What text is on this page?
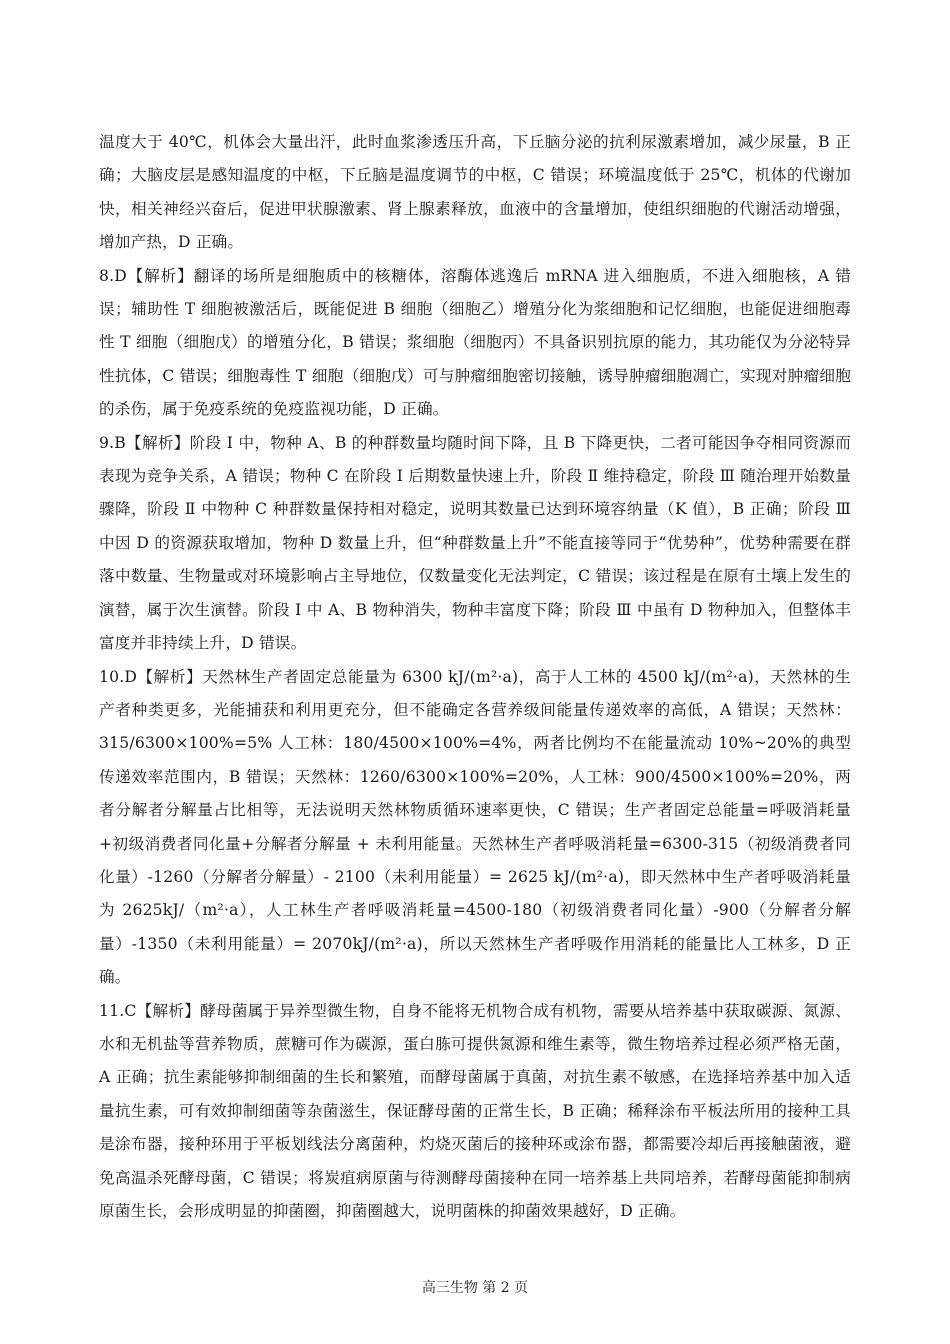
温度大于 40℃，机体会大量出汗，此时血浆渗透压升高，下丘脑分泌的抗利尿激素增加，减少尿量，B 正确；大脑皮层是感知温度的中枢，下丘脑是温度调节的中枢，C 错误；环境温度低于 25℃，机体的代谢加快，相关神经兴奋后，促进甲状腺激素、肾上腺素释放，血液中的含量增加，使组织细胞的代谢活动增强，增加产热，D 正确。

8.D【解析】翻译的场所是细胞质中的核糖体，溶酶体逃逸后 mRNA 进入细胞质，不进入细胞核，A 错误；辅助性 T 细胞被激活后，既能促进 B 细胞（细胞乙）增殖分化为浆细胞和记忆细胞，也能促进细胞毒性 T 细胞（细胞戊）的增殖分化，B 错误；浆细胞（细胞丙）不具备识别抗原的能力，其功能仅为分泌特异性抗体，C 错误；细胞毒性 T 细胞（细胞戊）可与肿瘤细胞密切接触，诱导肿瘤细胞凋亡，实现对肿瘤细胞的杀伤，属于免疫系统的免疫监视功能，D 正确。

9.B【解析】阶段 Ⅰ 中，物种 A、B 的种群数量均随时间下降，且 B 下降更快，二者可能因争夺相同资源而表现为竞争关系，A 错误；物种 C 在阶段 Ⅰ 后期数量快速上升，阶段 Ⅱ 维持稳定，阶段 Ⅲ 随治理开始数量骤降，阶段 Ⅱ 中物种 C 种群数量保持相对稳定，说明其数量已达到环境容纳量（K 值），B 正确；阶段 Ⅲ 中因 D 的资源获取增加，物种 D 数量上升，但“种群数量上升”不能直接等同于“优势种”，优势种需要在群落中数量、生物量或对环境影响占主导地位，仅数量变化无法判定，C 错误；该过程是在原有土壤上发生的演替，属于次生演替。阶段 Ⅰ 中 A、B 物种消失，物种丰富度下降；阶段 Ⅲ 中虽有 D 物种加入，但整体丰富度并非持续上升，D 错误。

10.D【解析】天然林生产者固定总能量为 6300 kJ/(m²·a)，高于人工林的 4500 kJ/(m²·a)，天然林的生产者种类更多，光能捕获和利用更充分，但不能确定各营养级间能量传递效率的高低，A 错误；天然林：315/6300×100%=5% 人工林：180/4500×100%=4%，两者比例均不在能量流动 10%~20%的典型传递效率范围内，B 错误；天然林：1260/6300×100%=20%，人工林：900/4500×100%=20%，两者分解者分解量占比相等，无法说明天然林物质循环速率更快，C 错误；生产者固定总能量=呼吸消耗量+初级消费者同化量+分解者分解量 + 未利用能量。天然林生产者呼吸消耗量=6300-315（初级消费者同化量）-1260（分解者分解量）- 2100（未利用能量）= 2625 kJ/(m²·a)，即天然林中生产者呼吸消耗量为 2625kJ/（m²·a），人工林生产者呼吸消耗量=4500-180（初级消费者同化量）-900（分解者分解量）-1350（未利用能量）= 2070kJ/(m²·a)，所以天然林生产者呼吸作用消耗的能量比人工林多，D 正确。

11.C【解析】酵母菌属于异养型微生物，自身不能将无机物合成有机物，需要从培养基中获取碳源、氮源、水和无机盐等营养物质，蔗糖可作为碳源，蛋白胨可提供氮源和维生素等，微生物培养过程必须严格无菌，A 正确；抗生素能够抑制细菌的生长和繁殖，而酵母菌属于真菌，对抗生素不敏感，在选择培养基中加入适量抗生素，可有效抑制细菌等杂菌滋生，保证酵母菌的正常生长，B 正确；稀释涂布平板法所用的接种工具是涂布器，接种环用于平板划线法分离菌种，灼烧灭菌后的接种环或涂布器，都需要冷却后再接触菌液，避免高温杀死酵母菌，C 错误；将炭疽病原菌与待测酵母菌接种在同一培养基上共同培养，若酵母菌能抑制病原菌生长，会形成明显的抑菌圈，抑菌圈越大，说明菌株的抑菌效果越好，D 正确。

高三生物 第 2 页
